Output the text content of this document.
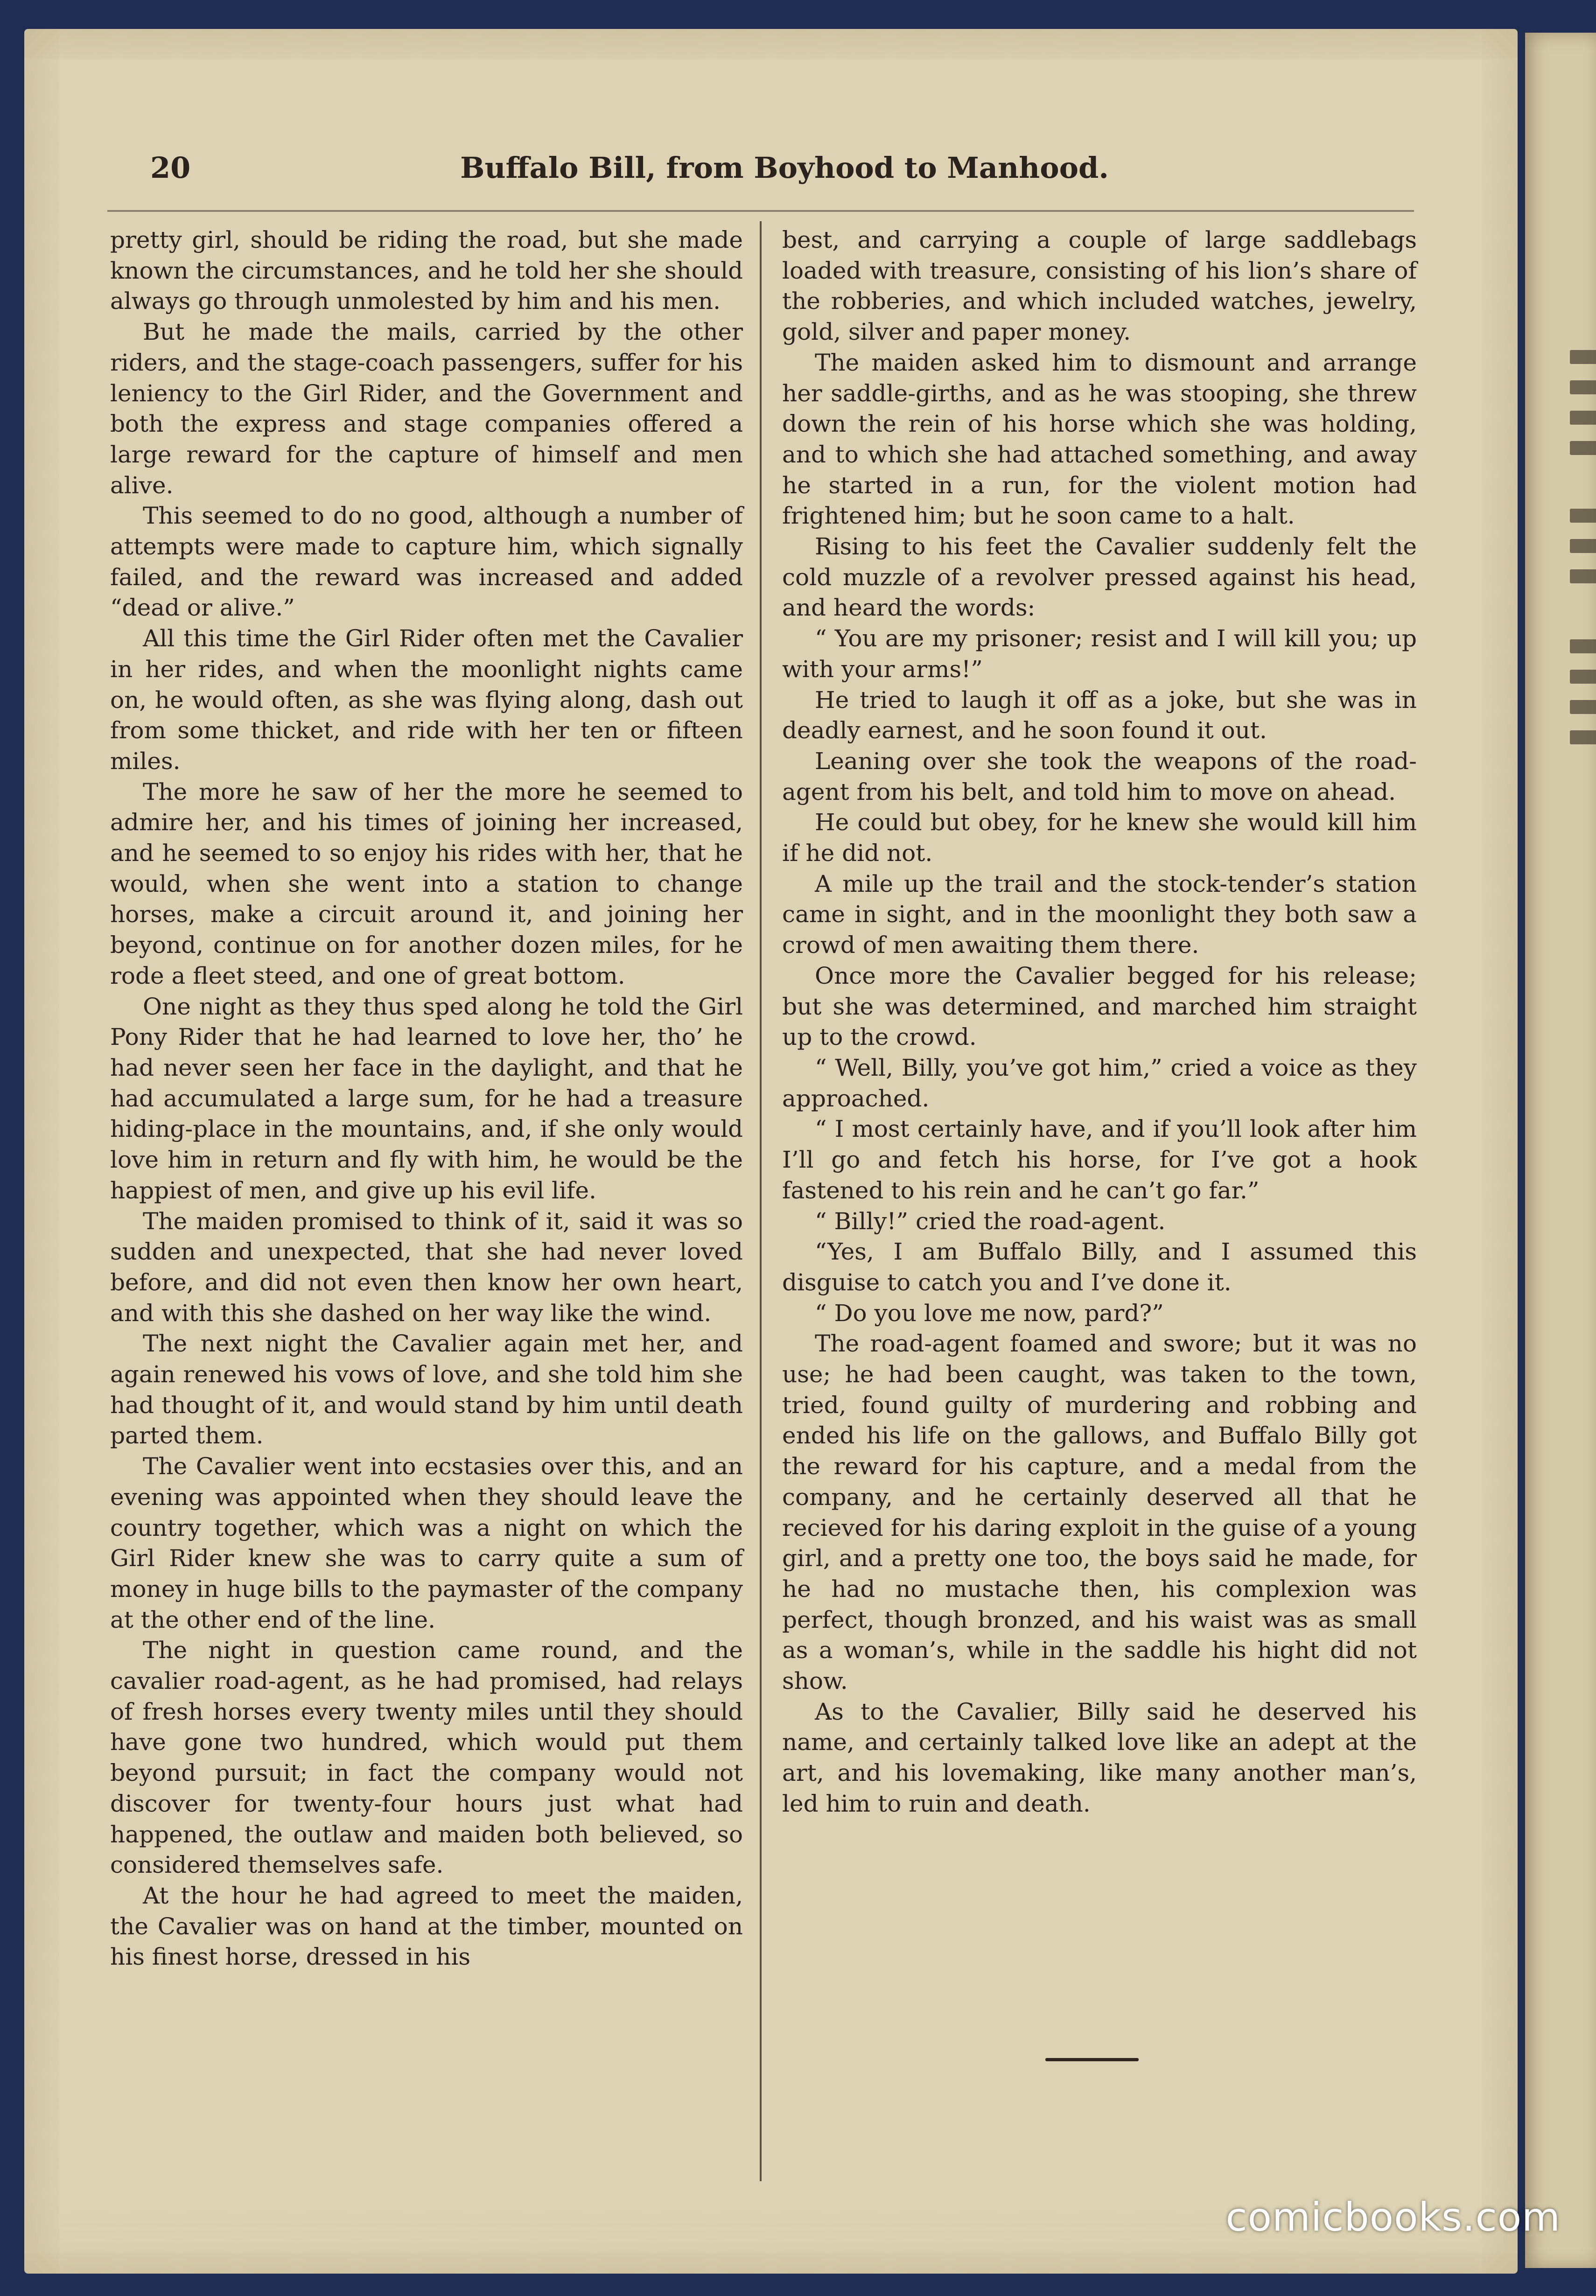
20	Buffalo Bill, from Boyhood to Manhood.

pretty girl, should be riding the road, but she made known the circumstances, and he told her she should always go through unmolested by him and his men.

But he made the mails, carried by the other riders, and the stage-coach passengers, suffer for his leniency to the Girl Rider, and the Government and both the express and stage companies offered a large reward for the capture of himself and men alive.

This seemed to do no good, although a number of attempts were made to capture him, which signally failed, and the reward was increased and added “dead or alive.”

All this time the Girl Rider often met the Cavalier in her rides, and when the moonlight nights came on, he would often, as she was flying along, dash out from some thicket, and ride with her ten or fifteen miles.

The more he saw of her the more he seemed to admire her, and his times of joining her increased, and he seemed to so enjoy his rides with her, that he would, when she went into a station to change horses, make a circuit around it, and joining her beyond, continue on for another dozen miles, for he rode a fleet steed, and one of great bottom.

One night as they thus sped along he told the Girl Pony Rider that he had learned to love her, tho’ he had never seen her face in the daylight, and that he had accumulated a large sum, for he had a treasure hiding-place in the mountains, and, if she only would love him in return and fly with him, he would be the happiest of men, and give up his evil life.

The maiden promised to think of it, said it was so sudden and unexpected, that she had never loved before, and did not even then know her own heart, and with this she dashed on her way like the wind.

The next night the Cavalier again met her, and again renewed his vows of love, and she told him she had thought of it, and would stand by him until death parted them.

The Cavalier went into ecstasies over this, and an evening was appointed when they should leave the country together, which was a night on which the Girl Rider knew she was to carry quite a sum of money in huge bills to the paymaster of the company at the other end of the line.

The night in question came round, and the cavalier road-agent, as he had promised, had relays of fresh horses every twenty miles until they should have gone two hundred, which would put them beyond pursuit; in fact the company would not discover for twenty-four hours just what had happened, the outlaw and maiden both believed, so considered themselves safe.

At the hour he had agreed to meet the maiden, the Cavalier was on hand at the timber, mounted on his finest horse, dressed in his

best, and carrying a couple of large saddlebags loaded with treasure, consisting of his lion’s share of the robberies, and which included watches, jewelry, gold, silver and paper money.

The maiden asked him to dismount and arrange her saddle-girths, and as he was stooping, she threw down the rein of his horse which she was holding, and to which she had attached something, and away he started in a run, for the violent motion had frightened him; but he soon came to a halt.

Rising to his feet the Cavalier suddenly felt the cold muzzle of a revolver pressed against his head, and heard the words:

“ You are my prisoner; resist and I will kill you; up with your arms!”

He tried to laugh it off as a joke, but she was in deadly earnest, and he soon found it out.

Leaning over she took the weapons of the road-agent from his belt, and told him to move on ahead.

He could but obey, for he knew she would kill him if he did not.

A mile up the trail and the stock-tender’s station came in sight, and in the moonlight they both saw a crowd of men awaiting them there.

Once more the Cavalier begged for his release; but she was determined, and marched him straight up to the crowd.

“ Well, Billy, you’ve got him,” cried a voice as they approached.

“ I most certainly have, and if you’ll look after him I’ll go and fetch his horse, for I’ve got a hook fastened to his rein and he can’t go far.”

“ Billy!” cried the road-agent.

“Yes, I am Buffalo Billy, and I assumed this disguise to catch you and I’ve done it.

“ Do you love me now, pard?”

The road-agent foamed and swore; but it was no use; he had been caught, was taken to the town, tried, found guilty of murdering and robbing and ended his life on the gallows, and Buffalo Billy got the reward for his capture, and a medal from the company, and he certainly deserved all that he recieved for his daring exploit in the guise of a young girl, and a pretty one too, the boys said he made, for he had no mustache then, his complexion was perfect, though bronzed, and his waist was as small as a woman’s, while in the saddle his hight did not show.

As to the Cavalier, Billy said he deserved his name, and certainly talked love like an adept at the art, and his lovemaking, like many another man’s, led him to ruin and death.

comicbooks.com
